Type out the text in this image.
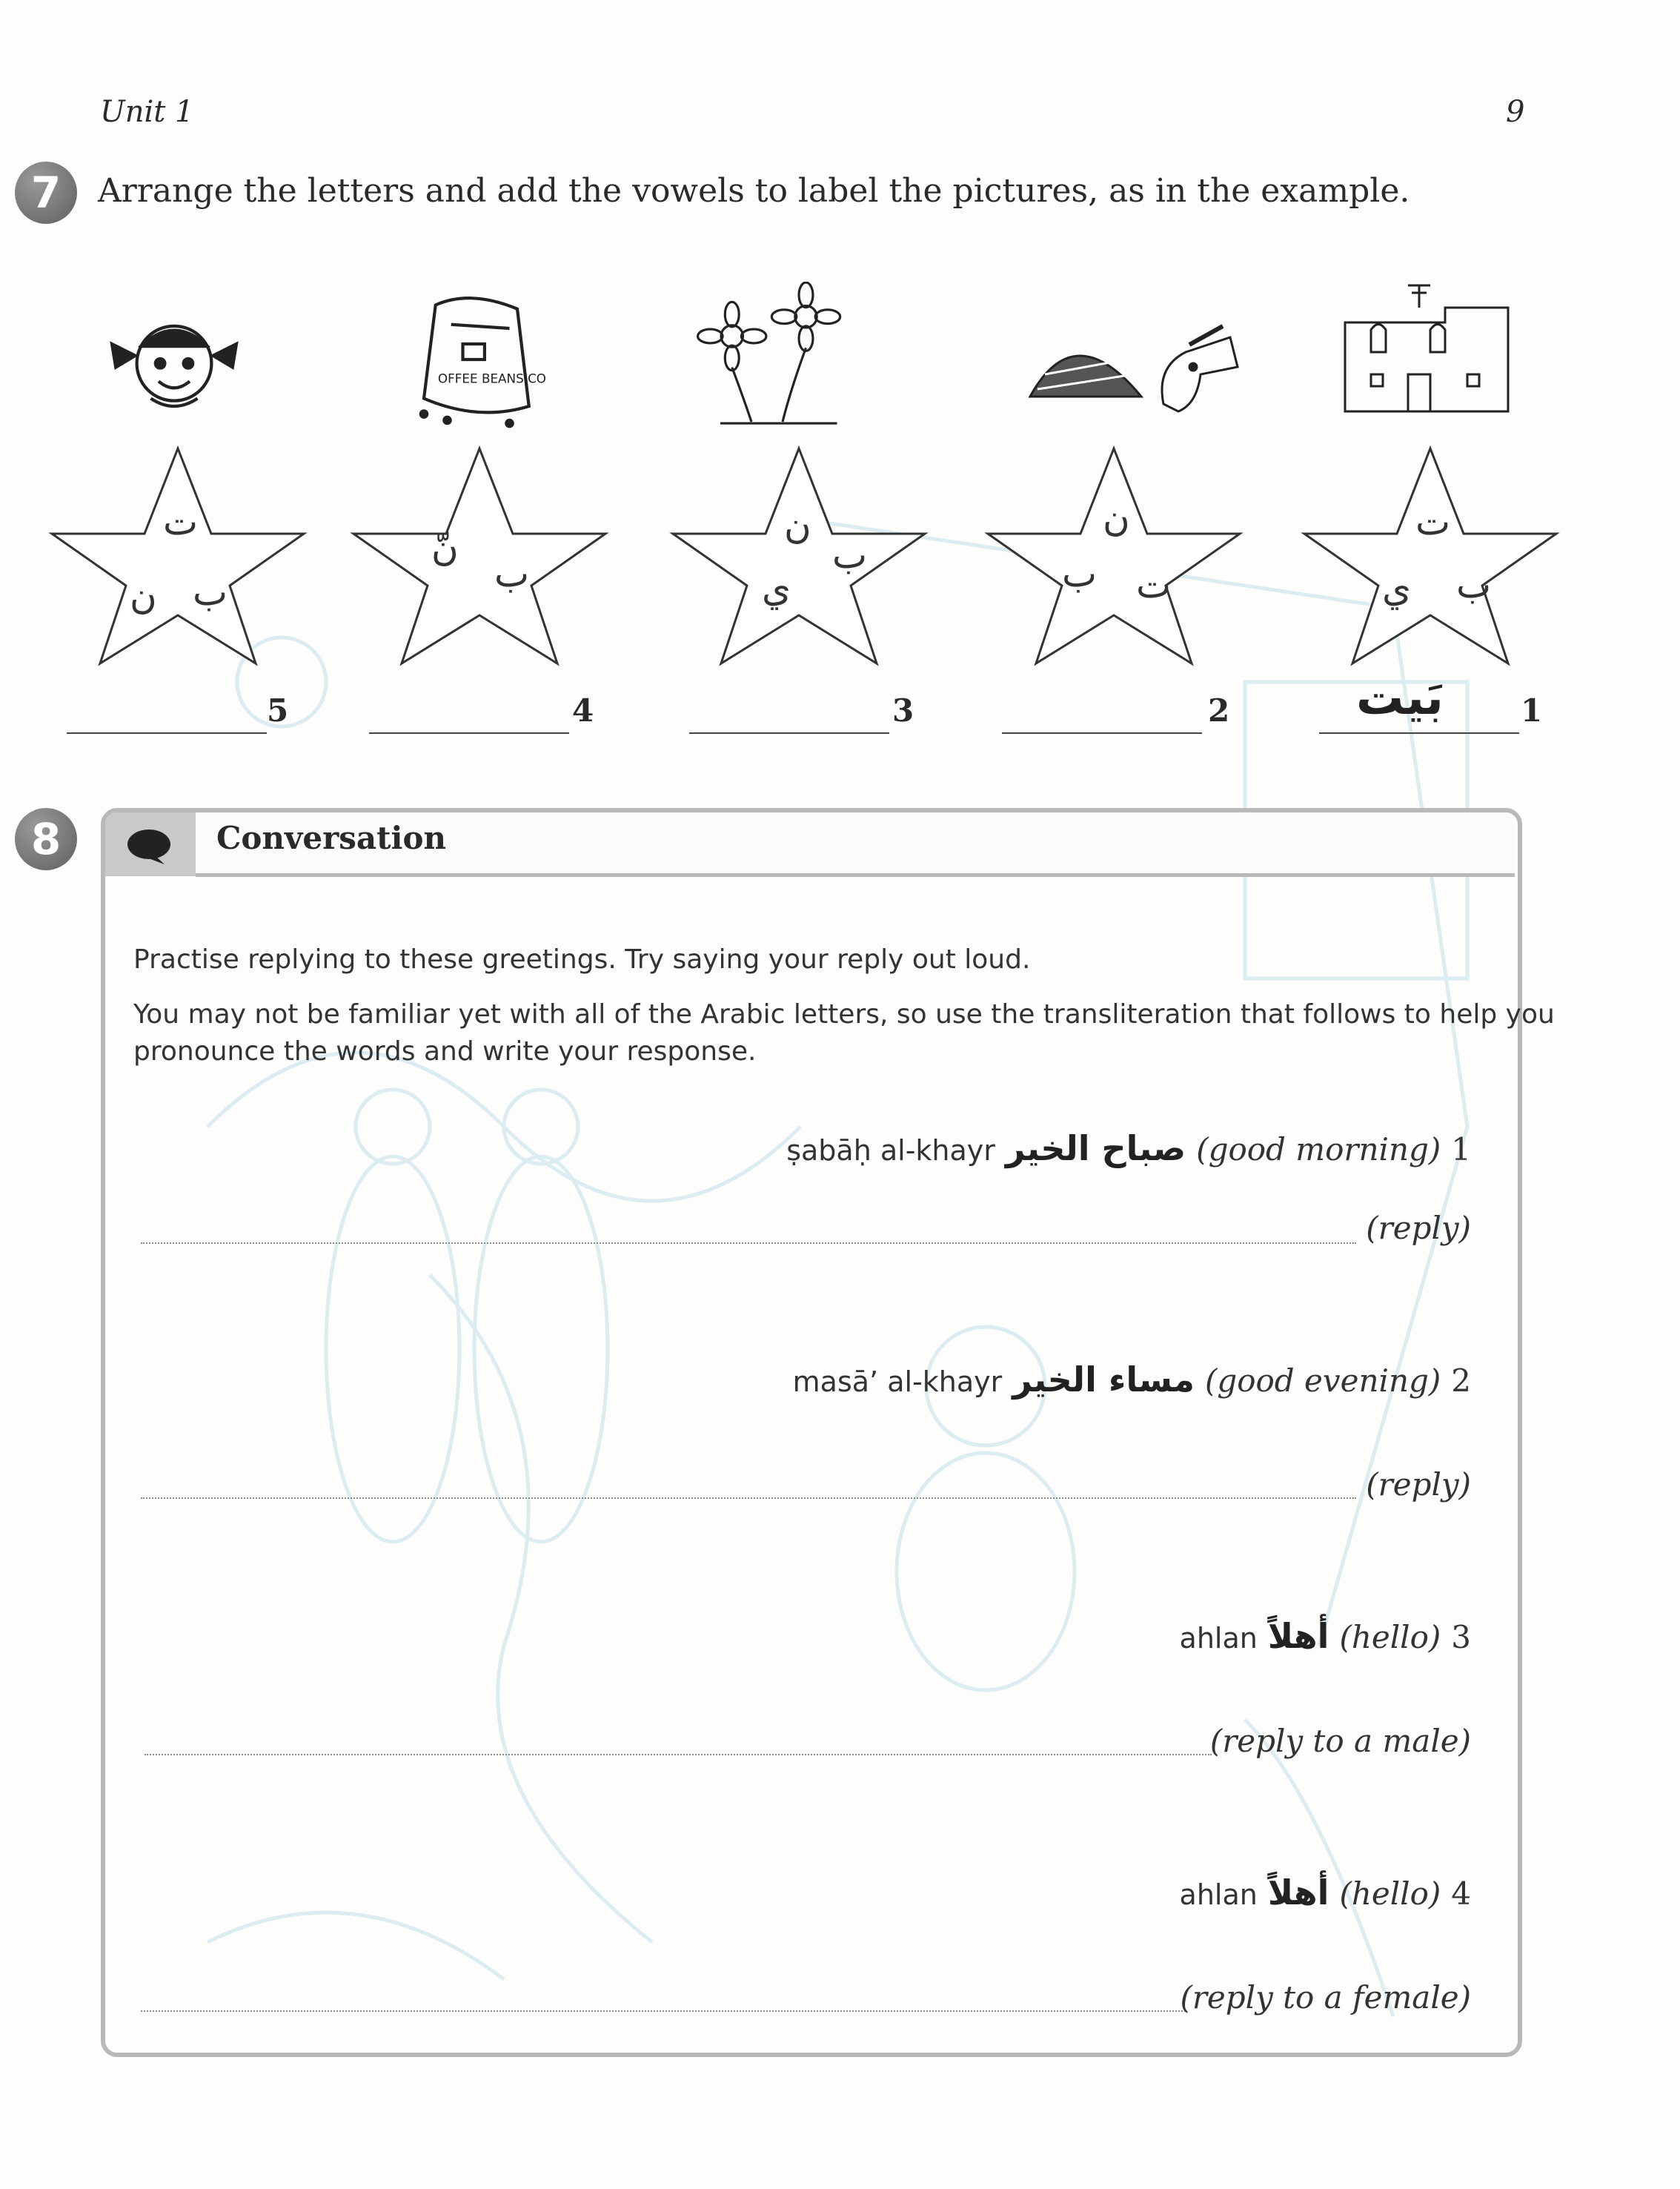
Unit 1	9
7	Arrange the letters and add the vowels to label the pictures, as in the example.
OFFEE BEANS.CO
ت
ب
ن
نّ
ب
ن
ب
ي
ن
ب ت
ت
ب
ي
5	4	3	2	بَيت 1
8	Conversation
Practise replying to these greetings. Try saying your reply out loud.
You may not be familiar yet with all of the Arabic letters, so use the transliteration that follows to help you
pronounce the words and write your response.
ṣabāḥ al-khayr صباح الخير (good morning) 1
(reply)
masā’ al-khayr مساء الخير (good evening) 2
(reply)
ahlan أهلاً (hello) 3
(reply to a male)
ahlan أهلاً (hello) 4
(reply to a female)
